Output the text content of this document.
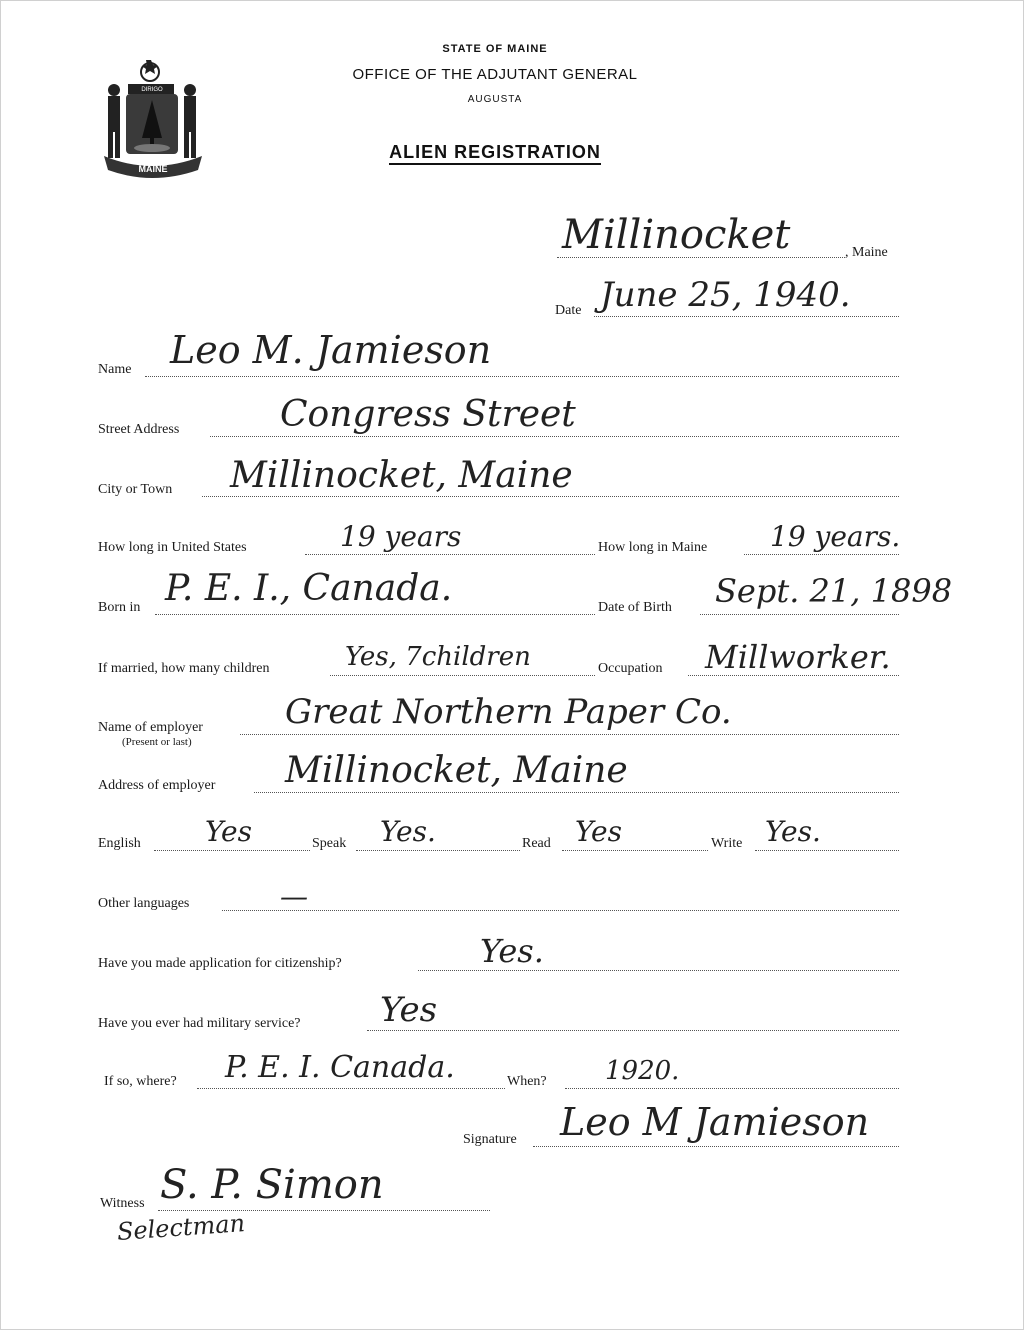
MAINE
DIRIGO
STATE OF MAINE
OFFICE OF THE ADJUTANT GENERAL
AUGUSTA
ALIEN REGISTRATION
Millinocket	, Maine
Date June 25, 1940.
Name Leo M. Jamieson
Street Address	Congress Street
City or Town Millinocket, Maine
How long in United States	19 years	How long in Maine 19 years.
Born in P. E. I., Canada.	Date of Birth Sept. 21, 1898
If married, how many children	Yes, 7children	Occupation Millworker.
Name of employer
(Present or last)
Great Northern Paper Co.
Address of employer Millinocket, Maine
English Yes	Speak Yes.	Read Yes	Write Yes.
Other languages	—
Have you made application for citizenship?	Yes.
Have you ever had military service? Yes
If so, where? P. E. I. Canada.	When? 1920.
Signature Leo M Jamieson
Witness S. P. Simon
Selectman
